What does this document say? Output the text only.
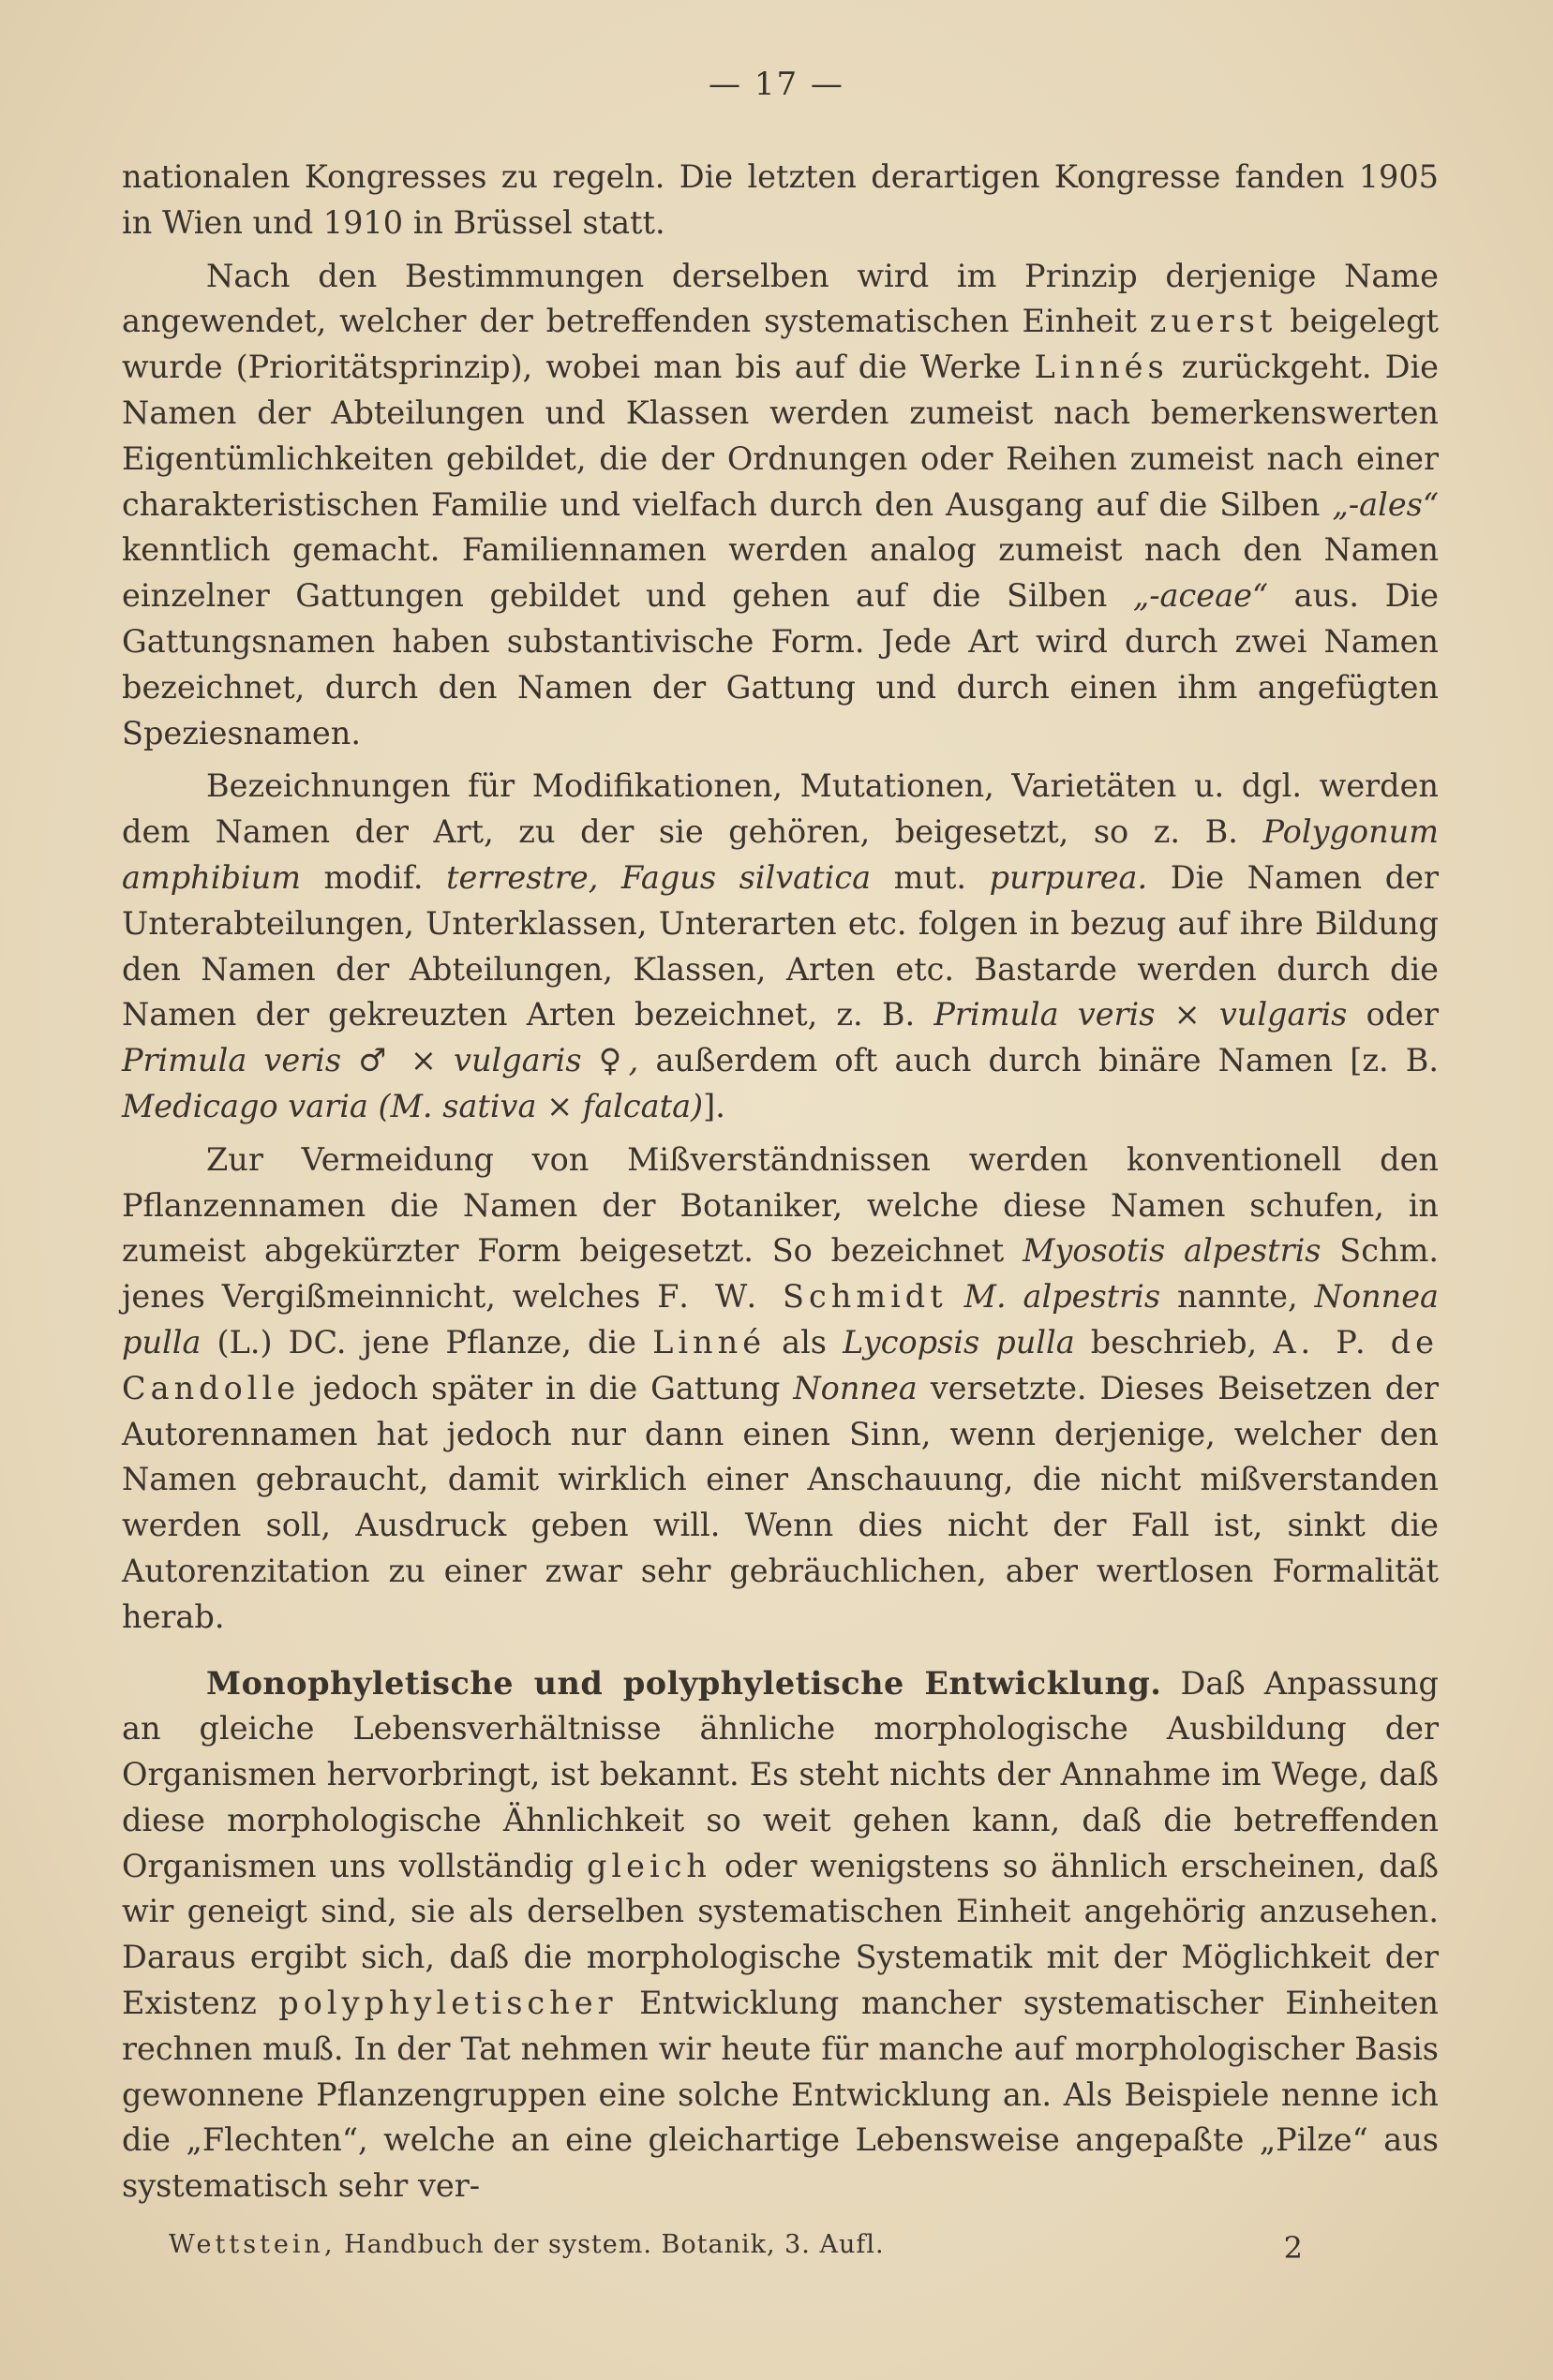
— 17 —

nationalen Kongresses zu regeln. Die letzten derartigen Kongresse fanden 1905 in Wien und 1910 in Brüssel statt.

Nach den Bestimmungen derselben wird im Prinzip derjenige Name angewendet, welcher der betreffenden systematischen Einheit zuerst beigelegt wurde (Prioritätsprinzip), wobei man bis auf die Werke Linnés zurückgeht. Die Namen der Abteilungen und Klassen werden zumeist nach bemerkenswerten Eigentümlichkeiten gebildet, die der Ordnungen oder Reihen zumeist nach einer charakteristischen Familie und vielfach durch den Ausgang auf die Silben „-ales“ kenntlich gemacht. Familiennamen werden analog zumeist nach den Namen einzelner Gattungen gebildet und gehen auf die Silben „-aceae“ aus. Die Gattungsnamen haben substantivische Form. Jede Art wird durch zwei Namen bezeichnet, durch den Namen der Gattung und durch einen ihm angefügten Speziesnamen.

Bezeichnungen für Modifikationen, Mutationen, Varietäten u. dgl. werden dem Namen der Art, zu der sie gehören, beigesetzt, so z. B. Polygonum amphibium modif. terrestre, Fagus silvatica mut. purpurea. Die Namen der Unterabteilungen, Unterklassen, Unterarten etc. folgen in bezug auf ihre Bildung den Namen der Abteilungen, Klassen, Arten etc. Bastarde werden durch die Namen der gekreuzten Arten bezeichnet, z. B. Primula veris × vulgaris oder Primula veris ♂ × vulgaris ♀, außerdem oft auch durch binäre Namen [z. B. Medicago varia (M. sativa × falcata)].

Zur Vermeidung von Mißverständnissen werden konventionell den Pflanzennamen die Namen der Botaniker, welche diese Namen schufen, in zumeist abgekürzter Form beigesetzt. So bezeichnet Myosotis alpestris Schm. jenes Vergißmeinnicht, welches F. W. Schmidt M. alpestris nannte, Nonnea pulla (L.) DC. jene Pflanze, die Linné als Lycopsis pulla beschrieb, A. P. de Candolle jedoch später in die Gattung Nonnea versetzte. Dieses Beisetzen der Autorennamen hat jedoch nur dann einen Sinn, wenn derjenige, welcher den Namen gebraucht, damit wirklich einer Anschauung, die nicht mißverstanden werden soll, Ausdruck geben will. Wenn dies nicht der Fall ist, sinkt die Autorenzitation zu einer zwar sehr gebräuchlichen, aber wertlosen Formalität herab.

Monophyletische und polyphyletische Entwicklung. Daß Anpassung an gleiche Lebensverhältnisse ähnliche morphologische Ausbildung der Organismen hervorbringt, ist bekannt. Es steht nichts der Annahme im Wege, daß diese morphologische Ähnlichkeit so weit gehen kann, daß die betreffenden Organismen uns vollständig gleich oder wenigstens so ähnlich erscheinen, daß wir geneigt sind, sie als derselben systematischen Einheit angehörig anzusehen. Daraus ergibt sich, daß die morphologische Systematik mit der Möglichkeit der Existenz polyphyletischer Entwicklung mancher systematischer Einheiten rechnen muß. In der Tat nehmen wir heute für manche auf morphologischer Basis gewonnene Pflanzengruppen eine solche Entwicklung an. Als Beispiele nenne ich die „Flechten“, welche an eine gleichartige Lebensweise angepaßte „Pilze“ aus systematisch sehr ver-

Wettstein, Handbuch der system. Botanik, 3. Aufl.	2
